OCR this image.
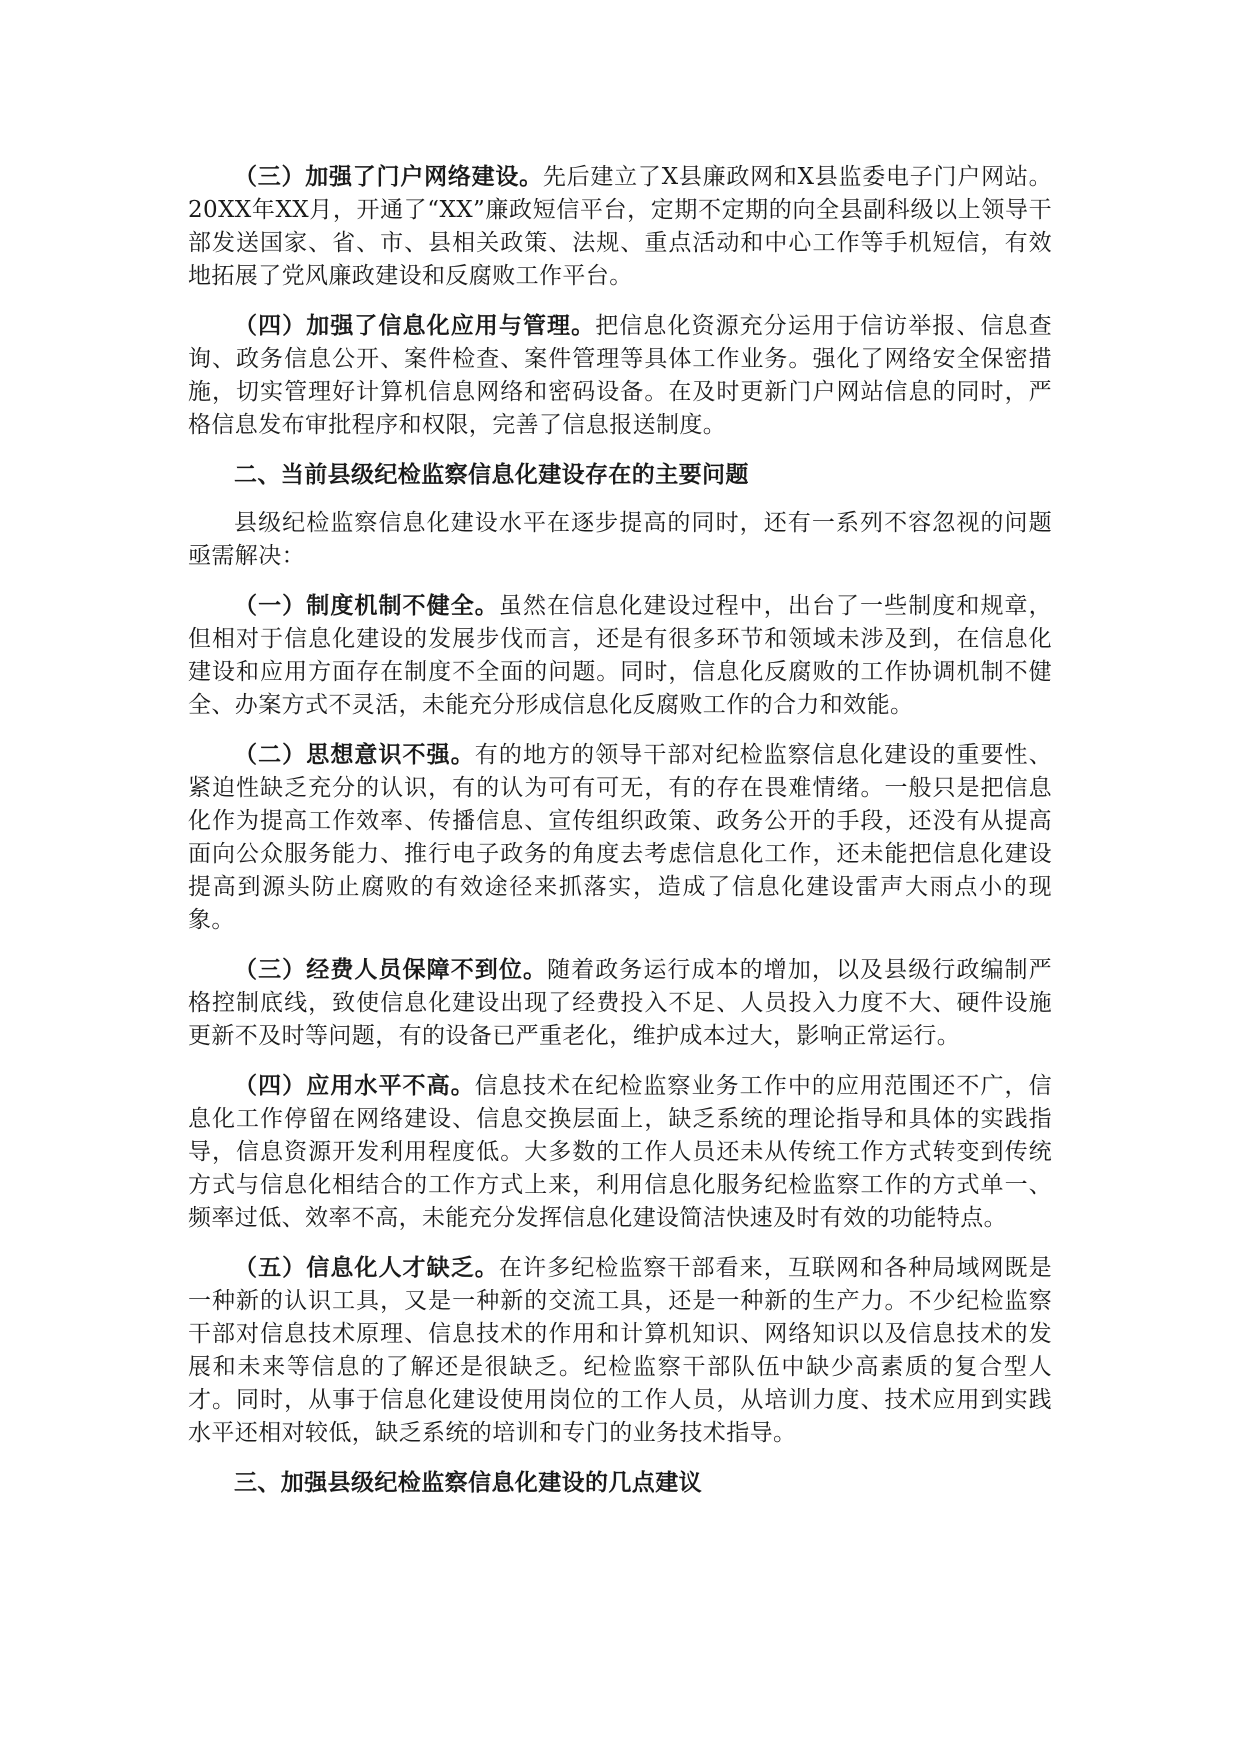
（三）加强了门户网络建设。先后建立了X县廉政网和X县监委电子门户网站。20XX年XX月，开通了“XX”廉政短信平台，定期不定期的向全县副科级以上领导干部发送国家、省、市、县相关政策、法规、重点活动和中心工作等手机短信，有效地拓展了党风廉政建设和反腐败工作平台。

（四）加强了信息化应用与管理。把信息化资源充分运用于信访举报、信息查询、政务信息公开、案件检查、案件管理等具体工作业务。强化了网络安全保密措施，切实管理好计算机信息网络和密码设备。在及时更新门户网站信息的同时，严格信息发布审批程序和权限，完善了信息报送制度。

二、当前县级纪检监察信息化建设存在的主要问题

县级纪检监察信息化建设水平在逐步提高的同时，还有一系列不容忽视的问题亟需解决：

（一）制度机制不健全。虽然在信息化建设过程中，出台了一些制度和规章，但相对于信息化建设的发展步伐而言，还是有很多环节和领域未涉及到，在信息化建设和应用方面存在制度不全面的问题。同时，信息化反腐败的工作协调机制不健全、办案方式不灵活，未能充分形成信息化反腐败工作的合力和效能。

（二）思想意识不强。有的地方的领导干部对纪检监察信息化建设的重要性、紧迫性缺乏充分的认识，有的认为可有可无，有的存在畏难情绪。一般只是把信息化作为提高工作效率、传播信息、宣传组织政策、政务公开的手段，还没有从提高面向公众服务能力、推行电子政务的角度去考虑信息化工作，还未能把信息化建设提高到源头防止腐败的有效途径来抓落实，造成了信息化建设雷声大雨点小的现象。

（三）经费人员保障不到位。随着政务运行成本的增加，以及县级行政编制严格控制底线，致使信息化建设出现了经费投入不足、人员投入力度不大、硬件设施更新不及时等问题，有的设备已严重老化，维护成本过大，影响正常运行。

（四）应用水平不高。信息技术在纪检监察业务工作中的应用范围还不广，信息化工作停留在网络建设、信息交换层面上，缺乏系统的理论指导和具体的实践指导，信息资源开发利用程度低。大多数的工作人员还未从传统工作方式转变到传统方式与信息化相结合的工作方式上来，利用信息化服务纪检监察工作的方式单一、频率过低、效率不高，未能充分发挥信息化建设简洁快速及时有效的功能特点。

（五）信息化人才缺乏。在许多纪检监察干部看来，互联网和各种局域网既是一种新的认识工具，又是一种新的交流工具，还是一种新的生产力。不少纪检监察干部对信息技术原理、信息技术的作用和计算机知识、网络知识以及信息技术的发展和未来等信息的了解还是很缺乏。纪检监察干部队伍中缺少高素质的复合型人才。同时，从事于信息化建设使用岗位的工作人员，从培训力度、技术应用到实践水平还相对较低，缺乏系统的培训和专门的业务技术指导。

三、加强县级纪检监察信息化建设的几点建议
